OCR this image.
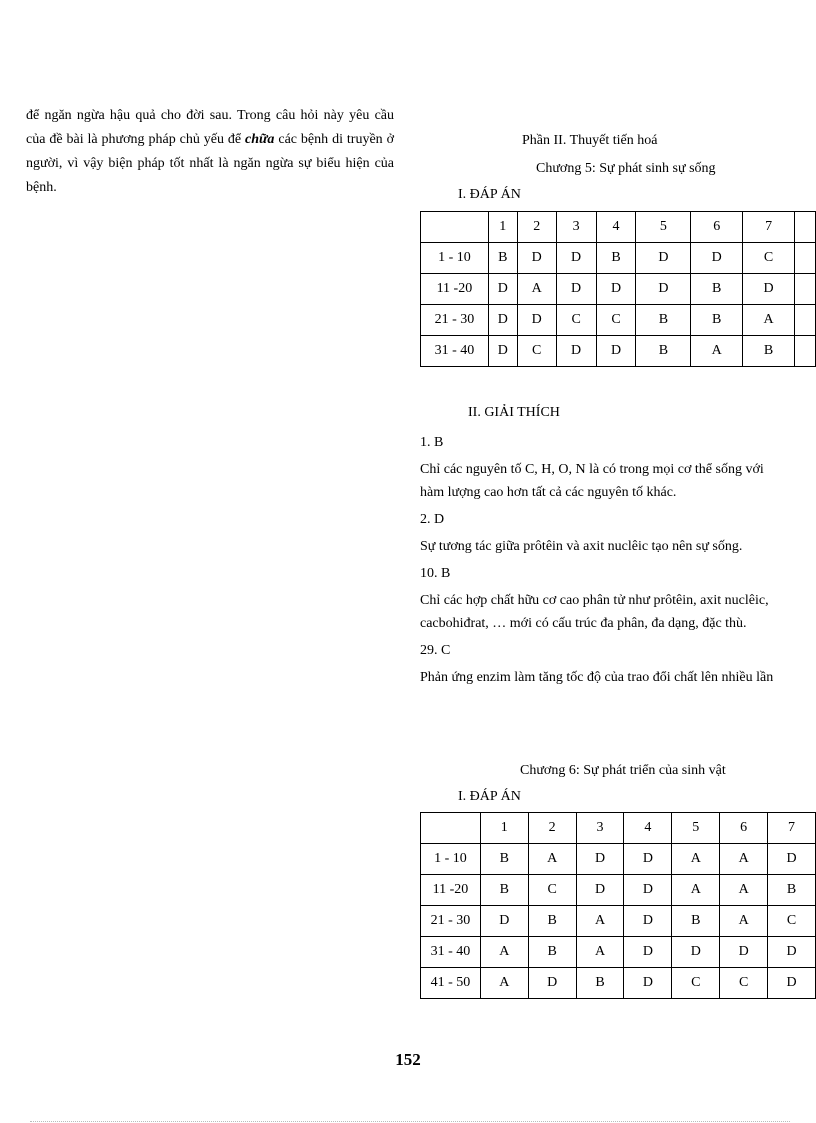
để ngăn ngừa hậu quả cho đời sau. Trong câu hỏi này yêu cầu của đề bài là phương pháp chủ yếu để chữa các bệnh di truyền ở người, vì vậy biện pháp tốt nhất là ngăn ngừa sự biểu hiện của bệnh.
Phần II. Thuyết tiến hoá
Chương 5: Sự phát sinh sự sống
I. ĐÁP ÁN
	1	2	3	4	5	6	7	
1 - 10	B	D	D	B	D	D	C	
11 -20	D	A	D	D	D	B	D	
21 - 30	D	D	C	C	B	B	A	
31 - 40	D	C	D	D	B	A	B	
II. GIẢI THÍCH
1. B
Chỉ các nguyên tố C, H, O, N là có trong mọi cơ thể sống với hàm lượng cao hơn tất cả các nguyên tố khác.
2. D
Sự tương tác giữa prôtêin và axit nuclêic tạo nên sự sống.
10. B
Chỉ các hợp chất hữu cơ cao phân tử như prôtêin, axit nuclêic, cacbohiđrat, … mới có cấu trúc đa phân, đa dạng, đặc thù.
29. C
Phản ứng enzim làm tăng tốc độ của trao đổi chất lên nhiều lần
Chương 6: Sự phát triển của sinh vật
I. ĐÁP ÁN
	1	2	3	4	5	6	7
1 - 10	B	A	D	D	A	A	D
11 -20	B	C	D	D	A	A	B
21 - 30	D	B	A	D	B	A	C
31 - 40	A	B	A	D	D	D	D
41 - 50	A	D	B	D	C	C	D
152
